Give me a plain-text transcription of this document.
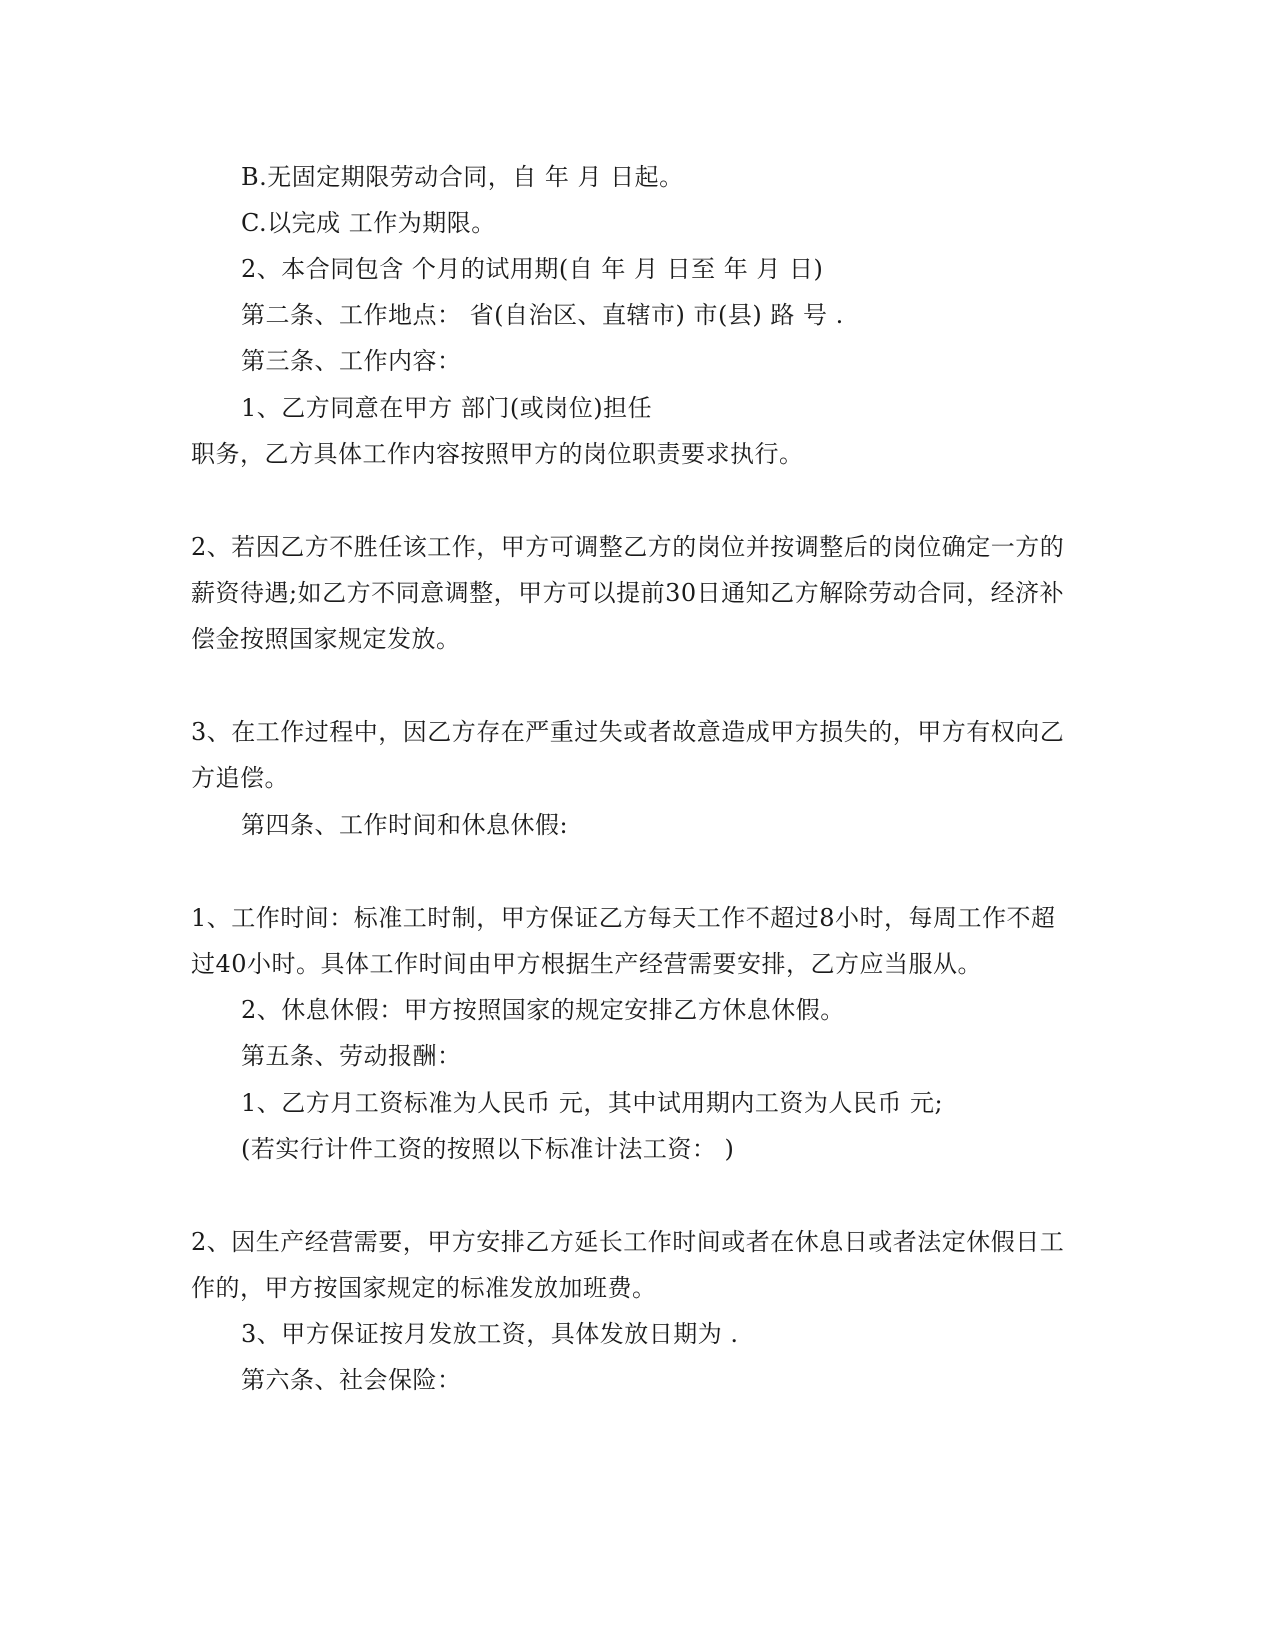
B.无固定期限劳动合同，自 年 月 日起。

C.以完成 工作为期限。

2、本合同包含 个月的试用期(自 年 月 日至 年 月 日)

第二条、工作地点： 省(自治区、直辖市) 市(县) 路 号 .

第三条、工作内容：

1、乙方同意在甲方 部门(或岗位)担任

职务，乙方具体工作内容按照甲方的岗位职责要求执行。

2、若因乙方不胜任该工作，甲方可调整乙方的岗位并按调整后的岗位确定一方的

薪资待遇;如乙方不同意调整，甲方可以提前30日通知乙方解除劳动合同，经济补

偿金按照国家规定发放。

3、在工作过程中，因乙方存在严重过失或者故意造成甲方损失的，甲方有权向乙

方追偿。

第四条、工作时间和休息休假:

1、工作时间：标准工时制，甲方保证乙方每天工作不超过8小时，每周工作不超

过40小时。具体工作时间由甲方根据生产经营需要安排，乙方应当服从。

2、休息休假：甲方按照国家的规定安排乙方休息休假。

第五条、劳动报酬：

1、乙方月工资标准为人民币 元，其中试用期内工资为人民币 元;

(若实行计件工资的按照以下标准计法工资： )

2、因生产经营需要，甲方安排乙方延长工作时间或者在休息日或者法定休假日工

作的，甲方按国家规定的标准发放加班费。

3、甲方保证按月发放工资，具体发放日期为 .

第六条、社会保险：
